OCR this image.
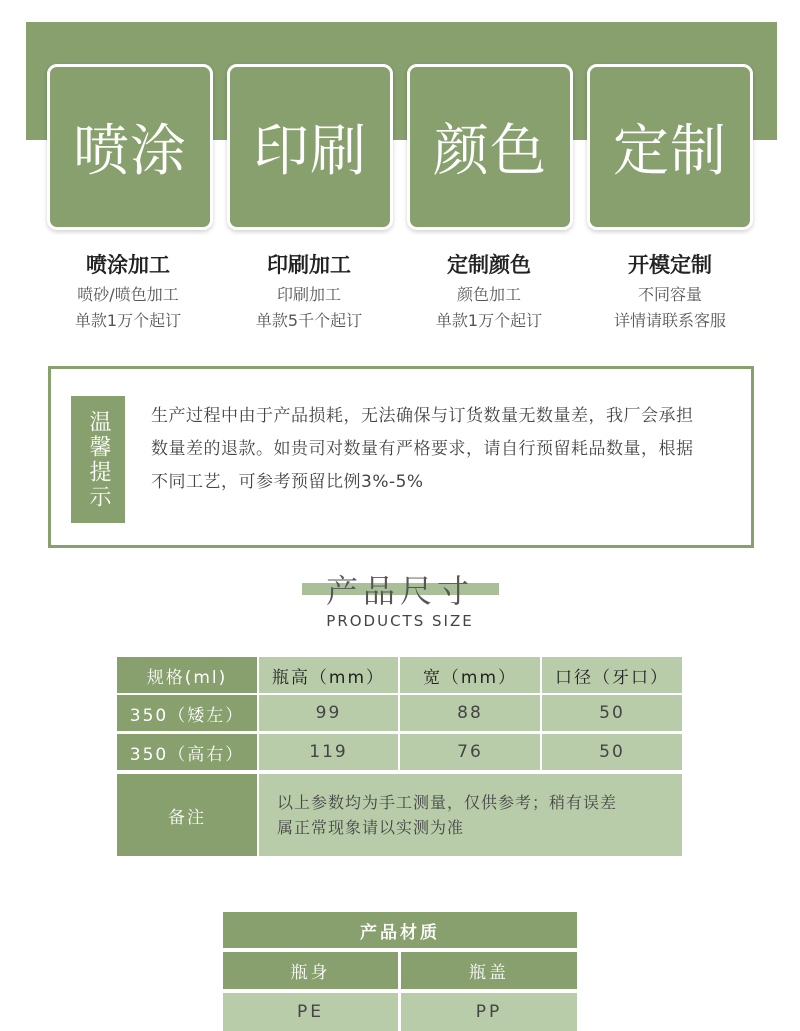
喷涂 印刷 颜色 定制
喷涂加工
喷砂/喷色加工
单款1万个起订
印刷加工
印刷加工
单款5千个起订
定制颜色
颜色加工
单款1万个起订
开模定制
不同容量
详情请联系客服
温馨提示 生产过程中由于产品损耗，无法确保与订货数量无数量差，我厂会承担
数量差的退款。如贵司对数量有严格要求，请自行预留耗品数量，根据
不同工艺，可参考预留比例3%-5%
产品尺寸
PRODUCTS SIZE
规格(ml)	瓶高（mm）	宽（mm）	口径（牙口）
350（矮左）	99	88	50
350（高右）	119	76	50
备注
以上参数均为手工测量，仅供参考；稍有误差
属正常现象请以实测为准
产品材质
瓶身	瓶盖
PE	PP
